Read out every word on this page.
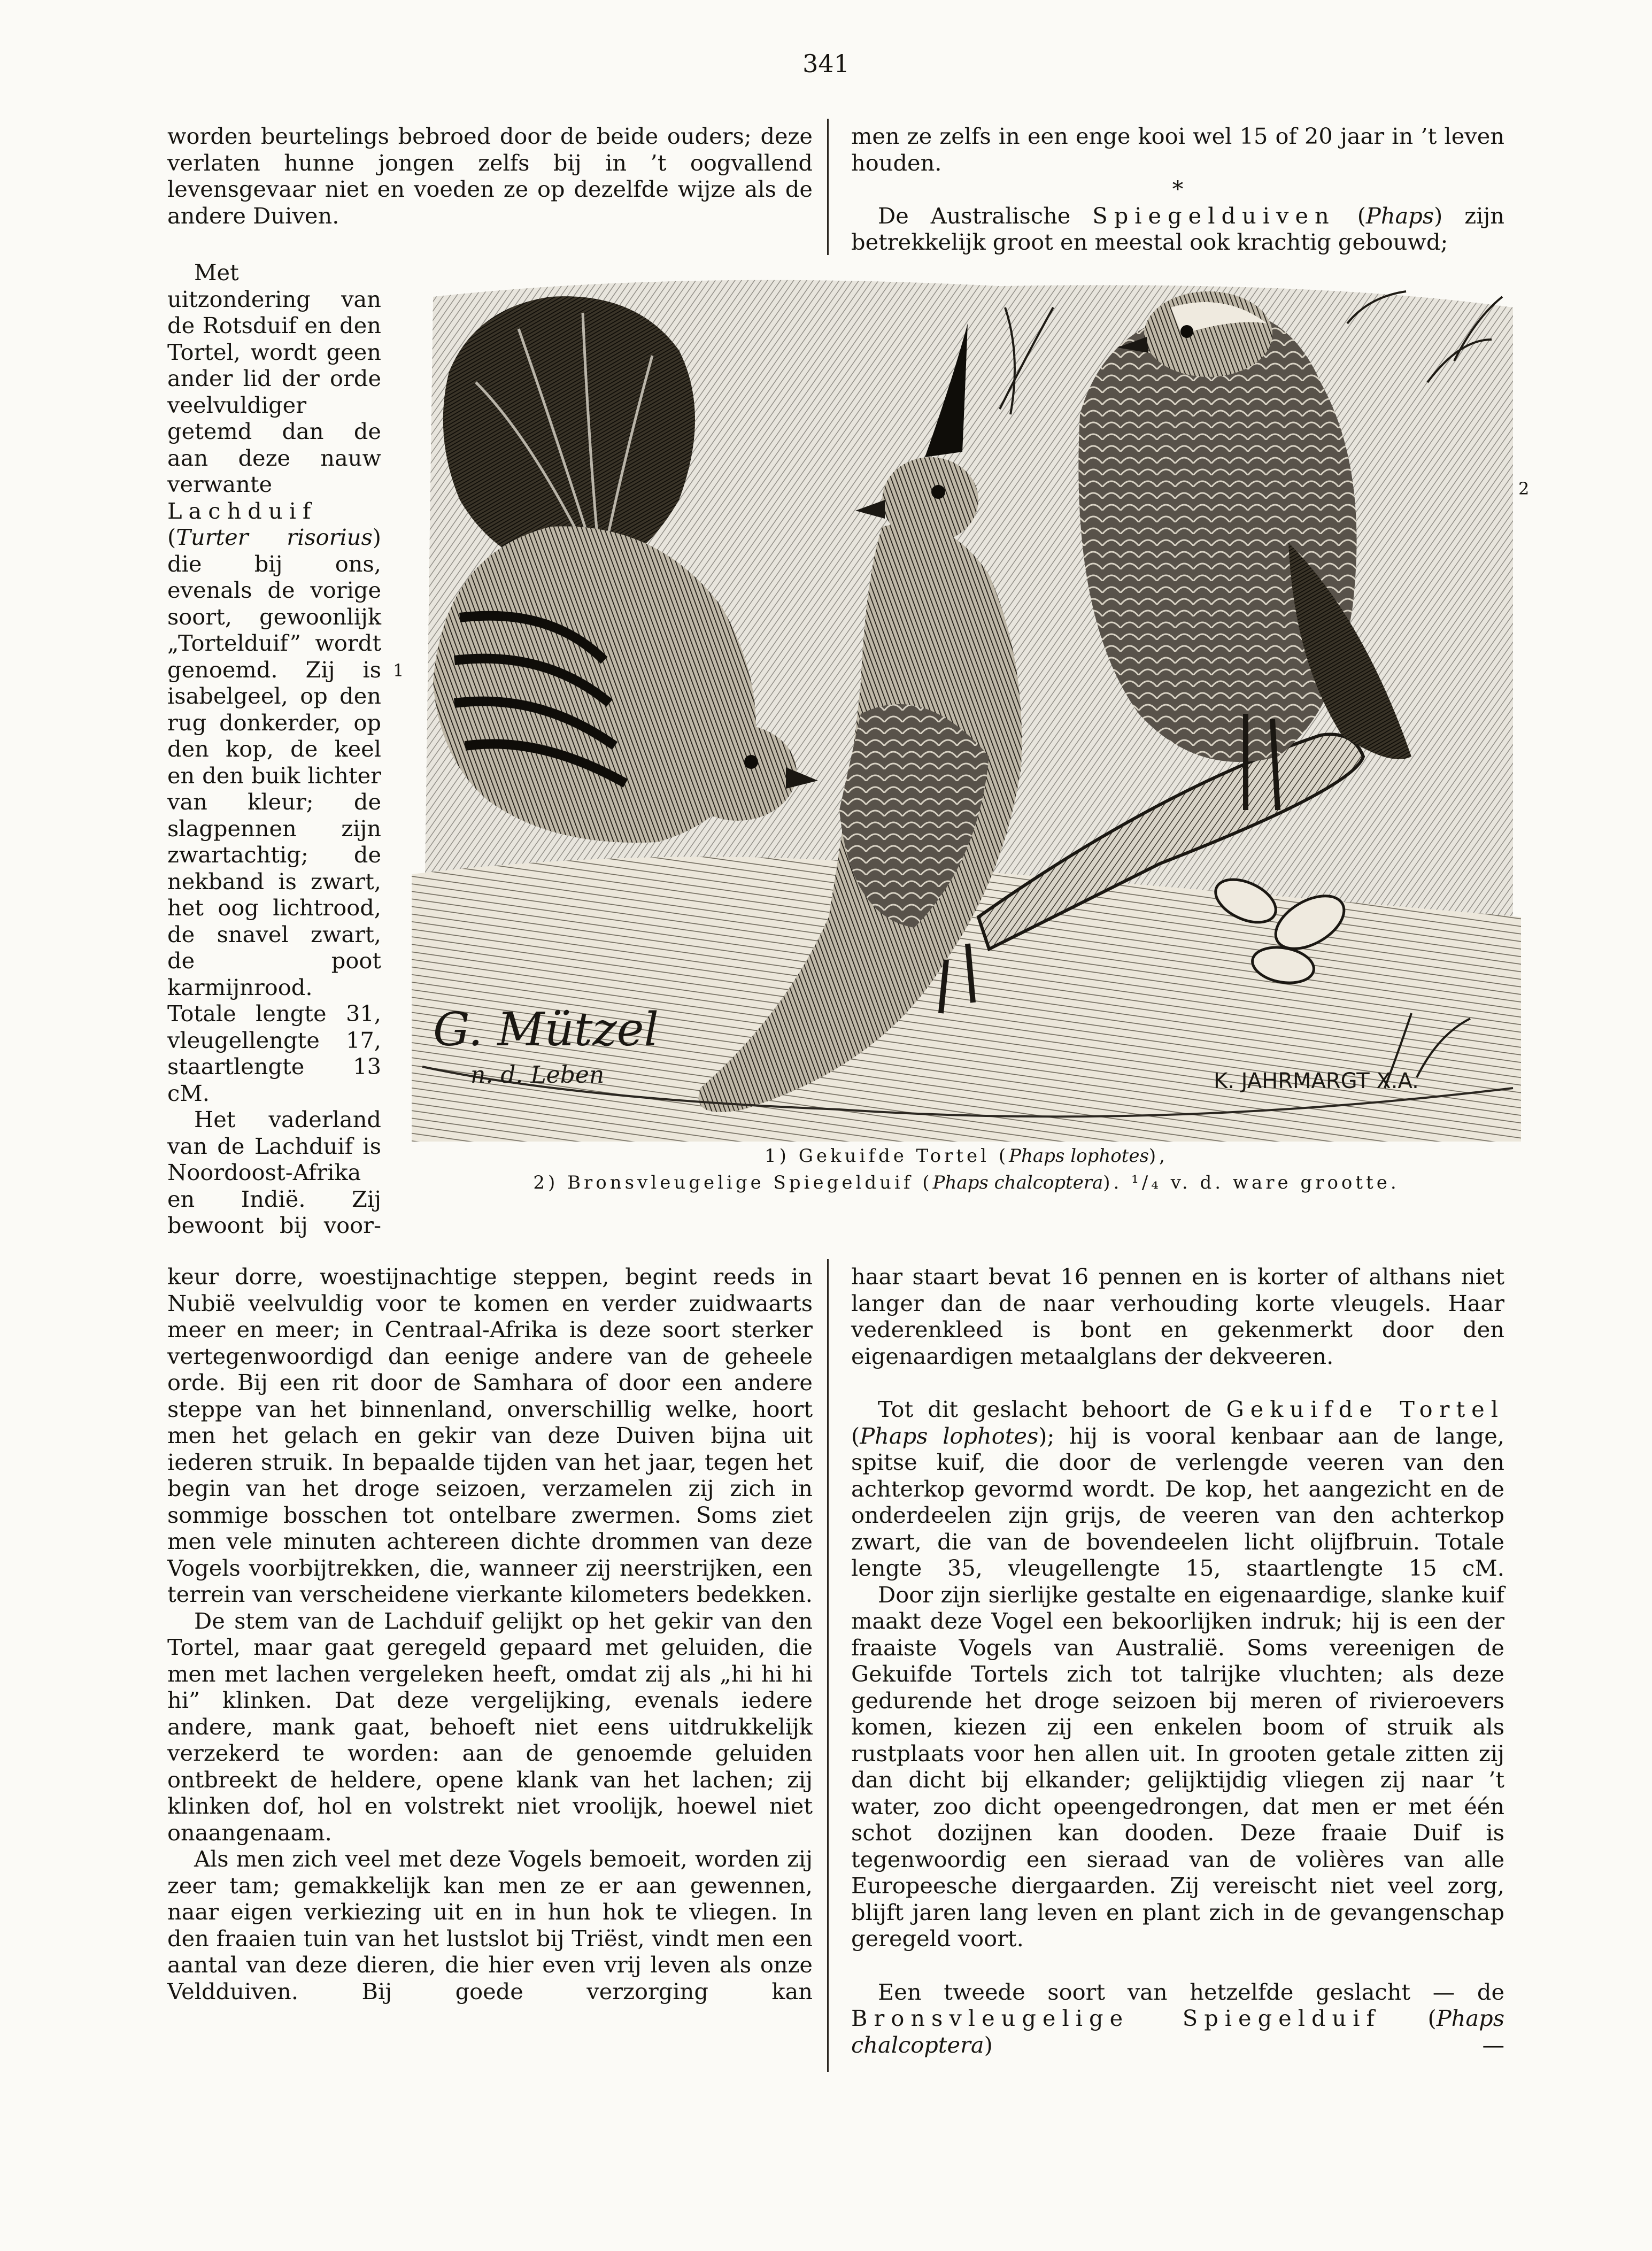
341

worden beurtelings bebroed door de beide ouders; deze verlaten hunne jongen zelfs bij in ’t oogvallend levensgevaar niet en voeden ze op dezelfde wijze als de andere Duiven.

men ze zelfs in een enge kooi wel 15 of 20 jaar in ’t leven houden.

*

De Australische Spiegelduiven (Phaps) zijn betrekkelijk groot en meestal ook krachtig gebouwd;

Met uitzondering van de Rotsduif en den Tortel, wordt geen ander lid der orde veelvuldiger getemd dan de aan deze nauw verwante Lachduif (Turter risorius) die bij ons, evenals de vorige soort, gewoonlijk „Tortelduif” wordt genoemd. Zij is isabelgeel, op den rug donkerder, op den kop, de keel en den buik lichter van kleur; de slagpennen zijn zwartachtig; de nekband is zwart, het oog lichtrood, de snavel zwart, de poot karmijnrood. Totale lengte 31, vleugellengte 17, staartlengte 13 cM.

Het vaderland van de Lachduif is Noordoost-Afrika en Indië. Zij bewoont bij voor-

G. Mützel
n. d. Leben	K. JAHRMARGT X.A.
1
2
1) Gekuifde Tortel (Phaps lophotes),
2) Bronsvleugelige Spiegelduif (Phaps chalcoptera). ¹/₄ v. d. ware grootte.

keur dorre, woestijnachtige steppen, begint reeds in Nubië veelvuldig voor te komen en verder zuidwaarts meer en meer; in Centraal-Afrika is deze soort sterker vertegenwoordigd dan eenige andere van de geheele orde. Bij een rit door de Samhara of door een andere steppe van het binnenland, onverschillig welke, hoort men het gelach en gekir van deze Duiven bijna uit iederen struik. In bepaalde tijden van het jaar, tegen het begin van het droge seizoen, verzamelen zij zich in sommige bosschen tot ontelbare zwermen. Soms ziet men vele minuten achtereen dichte drommen van deze Vogels voorbijtrekken, die, wanneer zij neerstrijken, een terrein van verscheidene vierkante kilometers bedekken.

De stem van de Lachduif gelijkt op het gekir van den Tortel, maar gaat geregeld gepaard met geluiden, die men met lachen vergeleken heeft, omdat zij als „hi hi hi hi” klinken. Dat deze vergelijking, evenals iedere andere, mank gaat, behoeft niet eens uitdrukkelijk verzekerd te worden: aan de genoemde geluiden ontbreekt de heldere, opene klank van het lachen; zij klinken dof, hol en volstrekt niet vroolijk, hoewel niet onaangenaam.

Als men zich veel met deze Vogels bemoeit, worden zij zeer tam; gemakkelijk kan men ze er aan gewennen, naar eigen verkiezing uit en in hun hok te vliegen. In den fraaien tuin van het lustslot bij Triëst, vindt men een aantal van deze dieren, die hier even vrij leven als onze Veldduiven. Bij goede verzorging kan

haar staart bevat 16 pennen en is korter of althans niet langer dan de naar verhouding korte vleugels. Haar vederenkleed is bont en gekenmerkt door den eigenaardigen metaalglans der dekveeren.

Tot dit geslacht behoort de Gekuifde Tortel (Phaps lophotes); hij is vooral kenbaar aan de lange, spitse kuif, die door de verlengde veeren van den achterkop gevormd wordt. De kop, het aangezicht en de onderdeelen zijn grijs, de veeren van den achterkop zwart, die van de bovendeelen licht olijfbruin. Totale lengte 35, vleugellengte 15, staartlengte 15 cM.

Door zijn sierlijke gestalte en eigenaardige, slanke kuif maakt deze Vogel een bekoorlijken indruk; hij is een der fraaiste Vogels van Australië. Soms vereenigen de Gekuifde Tortels zich tot talrijke vluchten; als deze gedurende het droge seizoen bij meren of rivieroevers komen, kiezen zij een enkelen boom of struik als rustplaats voor hen allen uit. In grooten getale zitten zij dan dicht bij elkander; gelijktijdig vliegen zij naar ’t water, zoo dicht opeengedrongen, dat men er met één schot dozijnen kan dooden. Deze fraaie Duif is tegenwoordig een sieraad van de volières van alle Europeesche diergaarden. Zij vereischt niet veel zorg, blijft jaren lang leven en plant zich in de gevangenschap geregeld voort.

Een tweede soort van hetzelfde geslacht — de Bronsvleugelige Spiegelduif (Phaps chalcoptera) —
